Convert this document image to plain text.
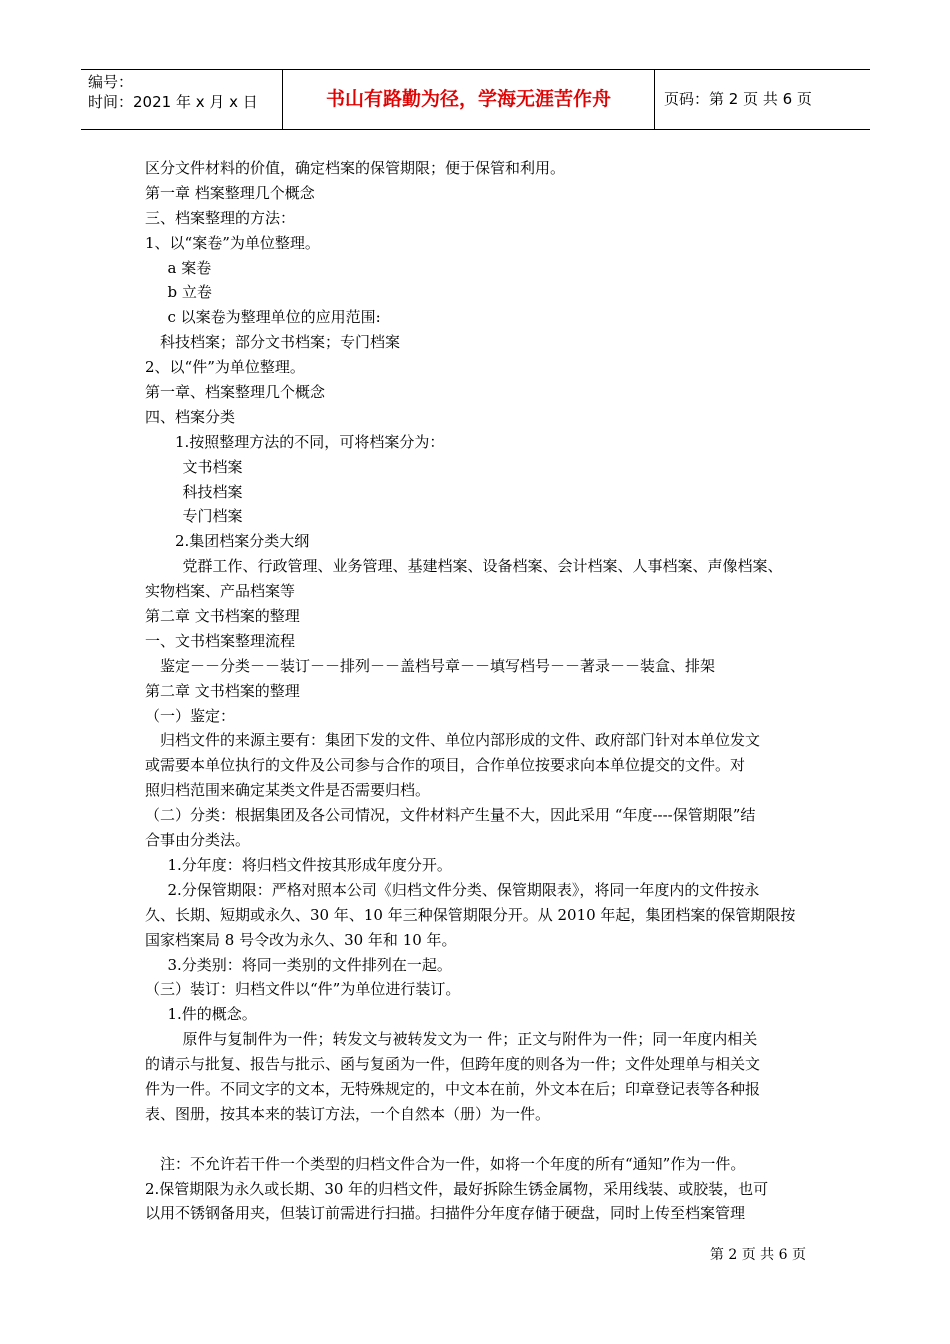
编号：
时间：2021 年 x 月 x 日	书山有路勤为径，学海无涯苦作舟	页码：第 2 页 共 6 页
区分文件材料的价值，确定档案的保管期限；便于保管和利用。
第一章 档案整理几个概念
三、档案整理的方法：
1、以“案卷”为单位整理。
a 案卷
b 立卷
c 以案卷为整理单位的应用范围:
科技档案；部分文书档案；专门档案
2、以“件”为单位整理。
第一章、档案整理几个概念
四、档案分类
1.按照整理方法的不同，可将档案分为：
文书档案
科技档案
专门档案
2.集团档案分类大纲
党群工作、行政管理、业务管理、基建档案、设备档案、会计档案、人事档案、声像档案、
实物档案、产品档案等
第二章 文书档案的整理
一、文书档案整理流程
鉴定－－分类－－装订－－排列－－盖档号章－－填写档号－－著录－－装盒、排架
第二章 文书档案的整理
（一）鉴定：
归档文件的来源主要有：集团下发的文件、单位内部形成的文件、政府部门针对本单位发文
或需要本单位执行的文件及公司参与合作的项目，合作单位按要求向本单位提交的文件。对
照归档范围来确定某类文件是否需要归档。
（二）分类：根据集团及各公司情况，文件材料产生量不大，因此采用 “年度----保管期限”结
合事由分类法。
1.分年度：将归档文件按其形成年度分开。
2.分保管期限：严格对照本公司《归档文件分类、保管期限表》，将同一年度内的文件按永
久、长期、短期或永久、30 年、10 年三种保管期限分开。从 2010 年起，集团档案的保管期限按
国家档案局 8 号令改为永久、30 年和 10 年。
3.分类别：将同一类别的文件排列在一起。
（三）装订：归档文件以“件”为单位进行装订。
1.件的概念。
原件与复制件为一件；转发文与被转发文为一 件；正文与附件为一件；同一年度内相关
的请示与批复、报告与批示、函与复函为一件，但跨年度的则各为一件；文件处理单与相关文
件为一件。不同文字的文本，无特殊规定的，中文本在前，外文本在后；印章登记表等各种报
表、图册，按其本来的装订方法，一个自然本（册）为一件。
注：不允许若干件一个类型的归档文件合为一件，如将一个年度的所有“通知”作为一件。
2.保管期限为永久或长期、30 年的归档文件，最好拆除生锈金属物，采用线装、或胶装，也可
以用不锈钢备用夹，但装订前需进行扫描。扫描件分年度存储于硬盘，同时上传至档案管理
第 2 页 共 6 页
